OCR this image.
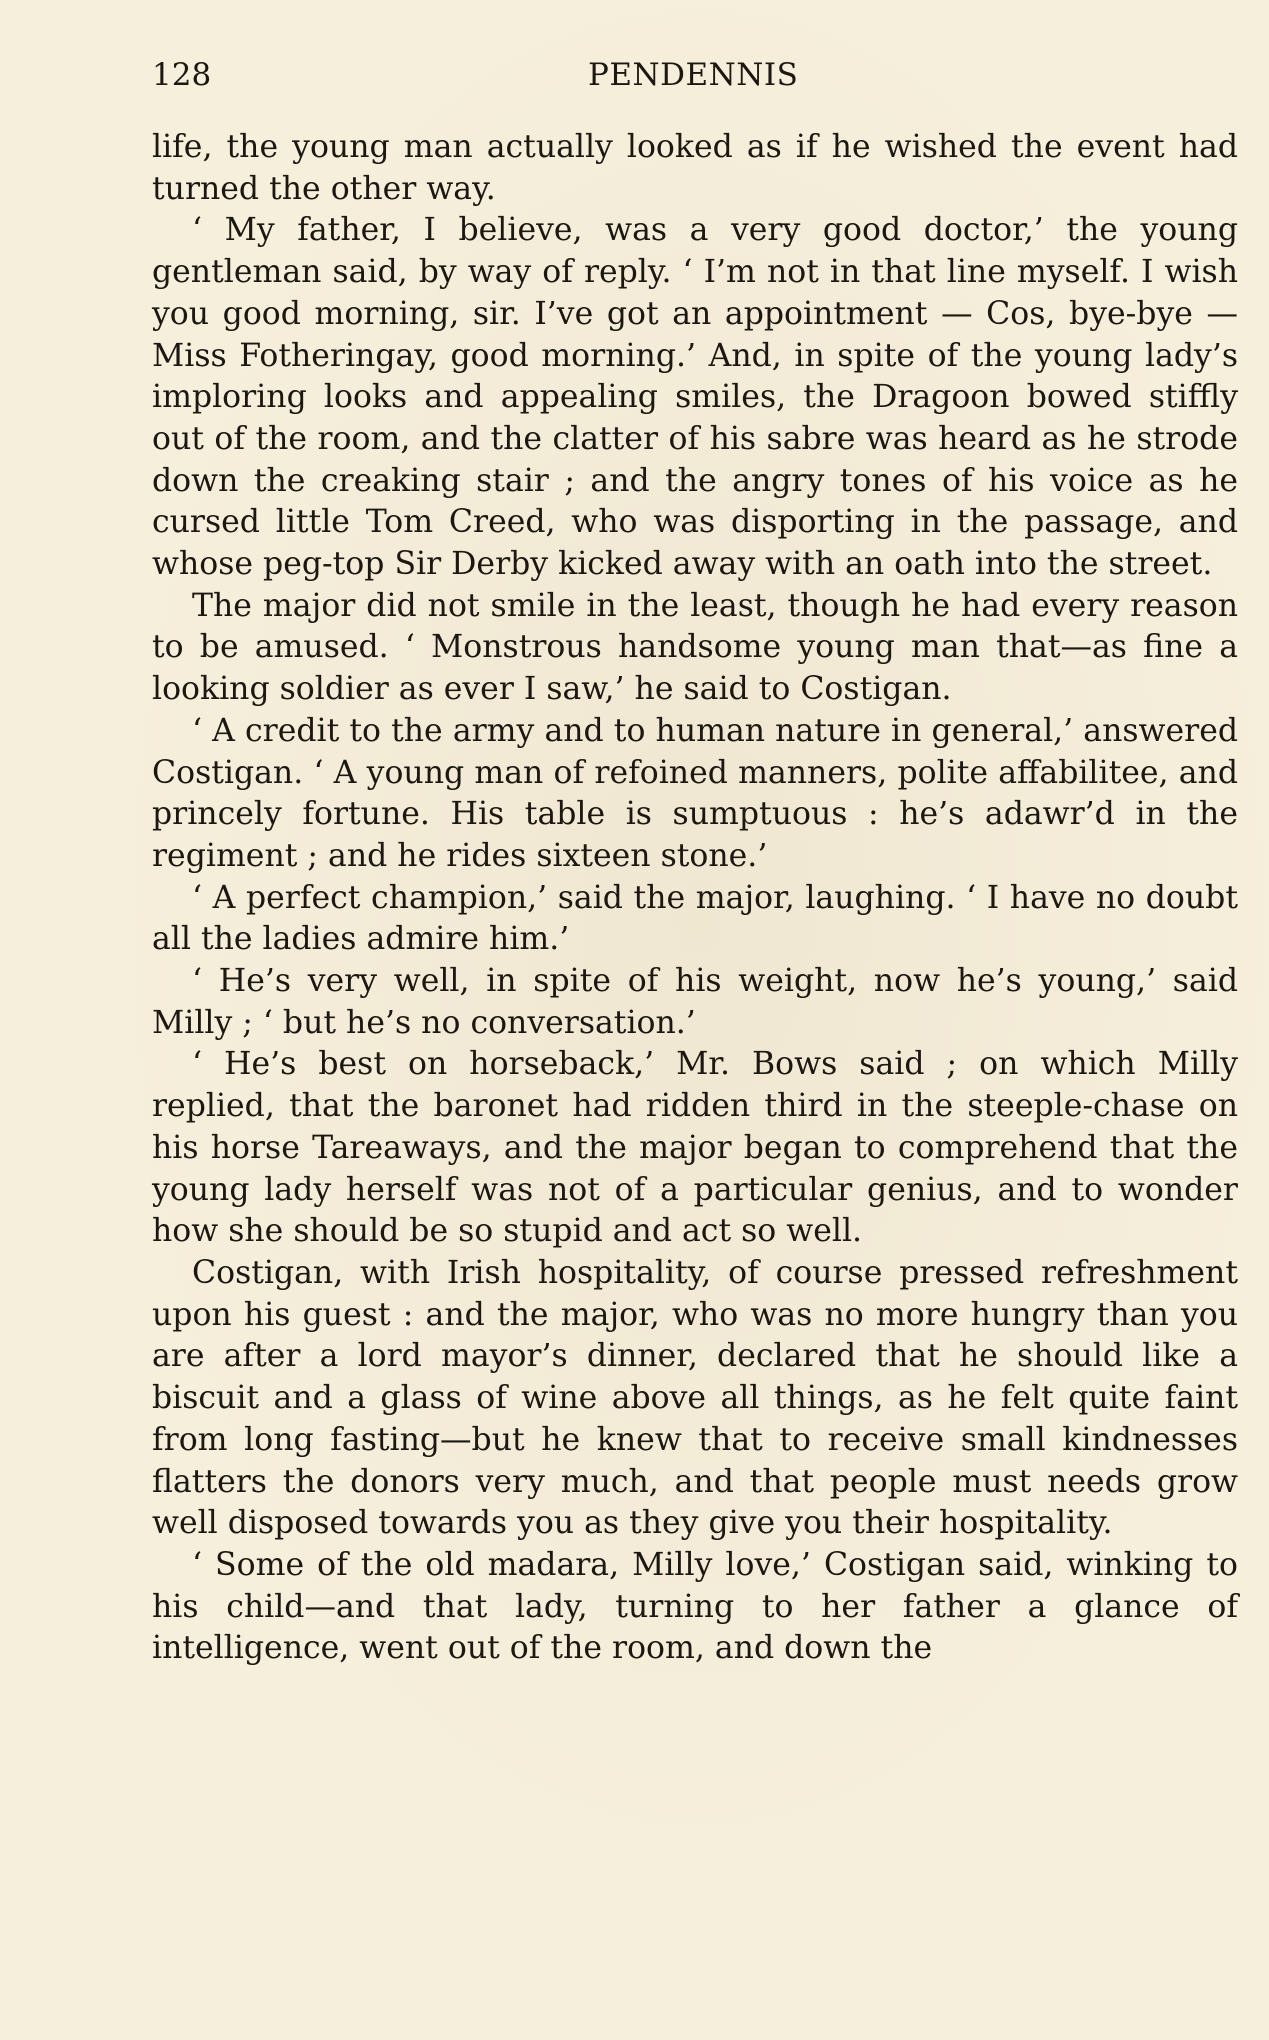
128	PENDENNIS

life, the young man actually looked as if he wished the event had turned the other way.

‘ My father, I believe, was a very good doctor,’ the young gentleman said, by way of reply. ‘ I’m not in that line myself. I wish you good morning, sir. I’ve got an appointment — Cos, bye-bye — Miss Fotheringay, good morning.’ And, in spite of the young lady’s imploring looks and appealing smiles, the Dragoon bowed stiffly out of the room, and the clatter of his sabre was heard as he strode down the creaking stair ; and the angry tones of his voice as he cursed little Tom Creed, who was disporting in the passage, and whose peg-top Sir Derby kicked away with an oath into the street.

The major did not smile in the least, though he had every reason to be amused. ‘ Monstrous handsome young man that—as fine a looking soldier as ever I saw,’ he said to Costigan.

‘ A credit to the army and to human nature in general,’ answered Costigan. ‘ A young man of refoined manners, polite affabilitee, and princely fortune. His table is sumptuous : he’s adawr’d in the regiment ; and he rides sixteen stone.’

‘ A perfect champion,’ said the major, laughing. ‘ I have no doubt all the ladies admire him.’

‘ He’s very well, in spite of his weight, now he’s young,’ said Milly ; ‘ but he’s no conversation.’

‘ He’s best on horseback,’ Mr. Bows said ; on which Milly replied, that the baronet had ridden third in the steeple-chase on his horse Tareaways, and the major began to comprehend that the young lady herself was not of a particular genius, and to wonder how she should be so stupid and act so well.

Costigan, with Irish hospitality, of course pressed refreshment upon his guest : and the major, who was no more hungry than you are after a lord mayor’s dinner, declared that he should like a biscuit and a glass of wine above all things, as he felt quite faint from long fasting—but he knew that to receive small kindnesses flatters the donors very much, and that people must needs grow well disposed towards you as they give you their hospitality.

‘ Some of the old madara, Milly love,’ Costigan said, winking to his child—and that lady, turning to her father a glance of intelligence, went out of the room, and down the
